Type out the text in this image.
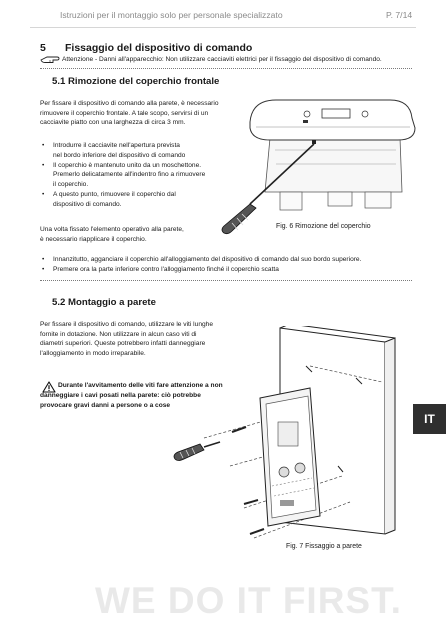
Istruzioni per il montaggio solo per personale specializzato	P. 7/14
5 Fissaggio del dispositivo di comando
Attenzione - Danni all'apparecchio: Non utilizzare cacciaviti elettrici per il fissaggio del dispositivo di comando.
5.1 Rimozione del coperchio frontale
Per fissare il dispositivo di comando alla parete, è necessario
rimuovere il coperchio frontale. A tale scopo, servirsi di un
cacciavite piatto con una larghezza di circa 3 mm.
• Introdurre il cacciavite nell'apertura prevista
nel bordo inferiore del dispositivo di comando
• Il coperchio è mantenuto unito da un moschettone.
Premerlo delicatamente all'indentro fino a rimuovere
il coperchio.
• A questo punto, rimuovere il coperchio dal
dispositivo di comando.
Una volta fissato l'elemento operativo alla parete,
è necessario riapplicare il coperchio.
Fig. 6 Rimozione del coperchio
• Innanzitutto, agganciare il coperchio all'alloggiamento del dispositivo di comando dal suo bordo superiore.
• Premere ora la parte inferiore contro l'alloggiamento finché il coperchio scatta
5.2 Montaggio a parete
Per fissare il dispositivo di comando, utilizzare le viti lunghe
fornite in dotazione. Non utilizzare in alcun caso viti di
diametri superiori. Queste potrebbero infatti danneggiare
l'alloggiamento in modo irreparabile.
Durante l'avvitamento delle viti fare attenzione a non
danneggiare i cavi posati nella parete: ciò potrebbe
provocare gravi danni a persone o a cose
Fig. 7 Fissaggio a parete
IT
WE DO IT FIRST.
